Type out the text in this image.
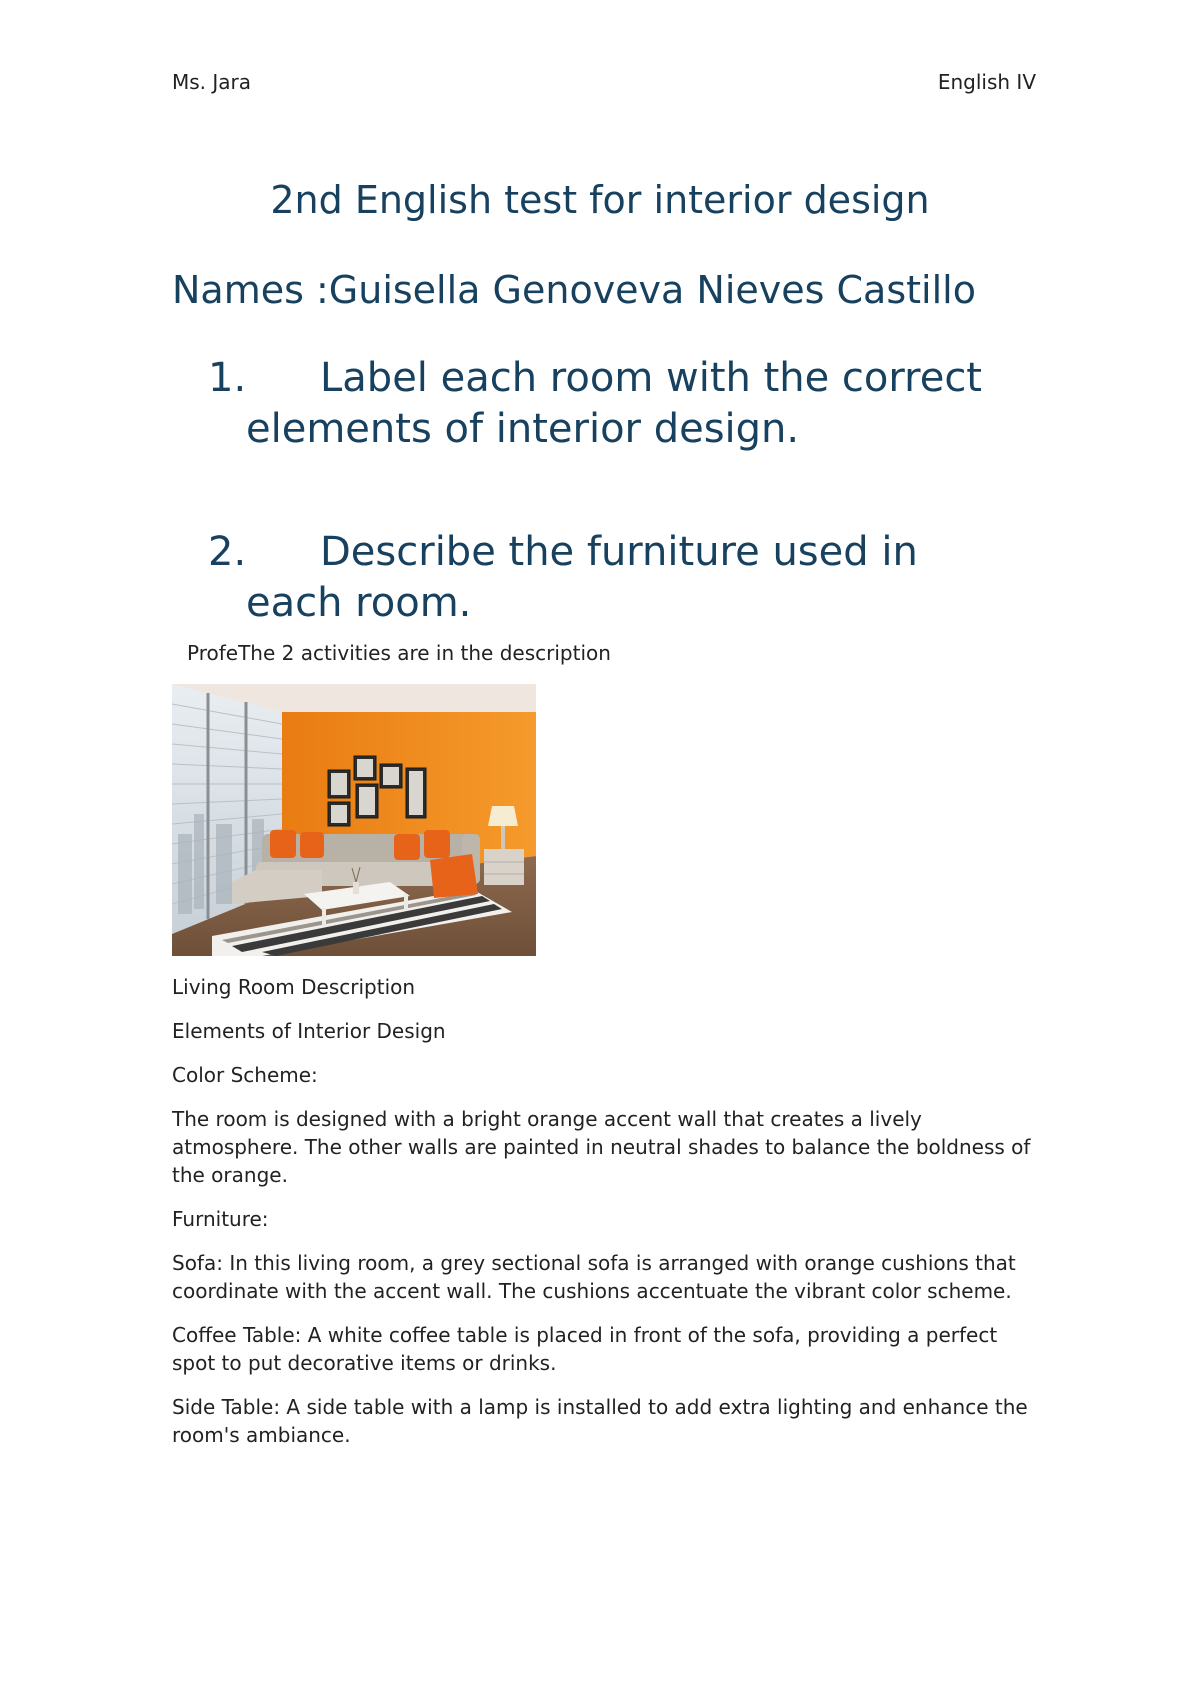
Ms. Jara	English IV
2nd English test for interior design
Names :Guisella Genoveva Nieves Castillo
1.	Label each room with the correct
elements of interior design.
2.	Describe the furniture used in
each room.
ProfeThe 2 activities are in the description

Living Room Description

Elements of Interior Design

Color Scheme:

The room is designed with a bright orange accent wall that creates a lively atmosphere. The other walls are painted in neutral shades to balance the boldness of the orange.

Furniture:

Sofa: In this living room, a grey sectional sofa is arranged with orange cushions that coordinate with the accent wall. The cushions accentuate the vibrant color scheme.

Coffee Table: A white coffee table is placed in front of the sofa, providing a perfect spot to put decorative items or drinks.

Side Table: A side table with a lamp is installed to add extra lighting and enhance the room's ambiance.
